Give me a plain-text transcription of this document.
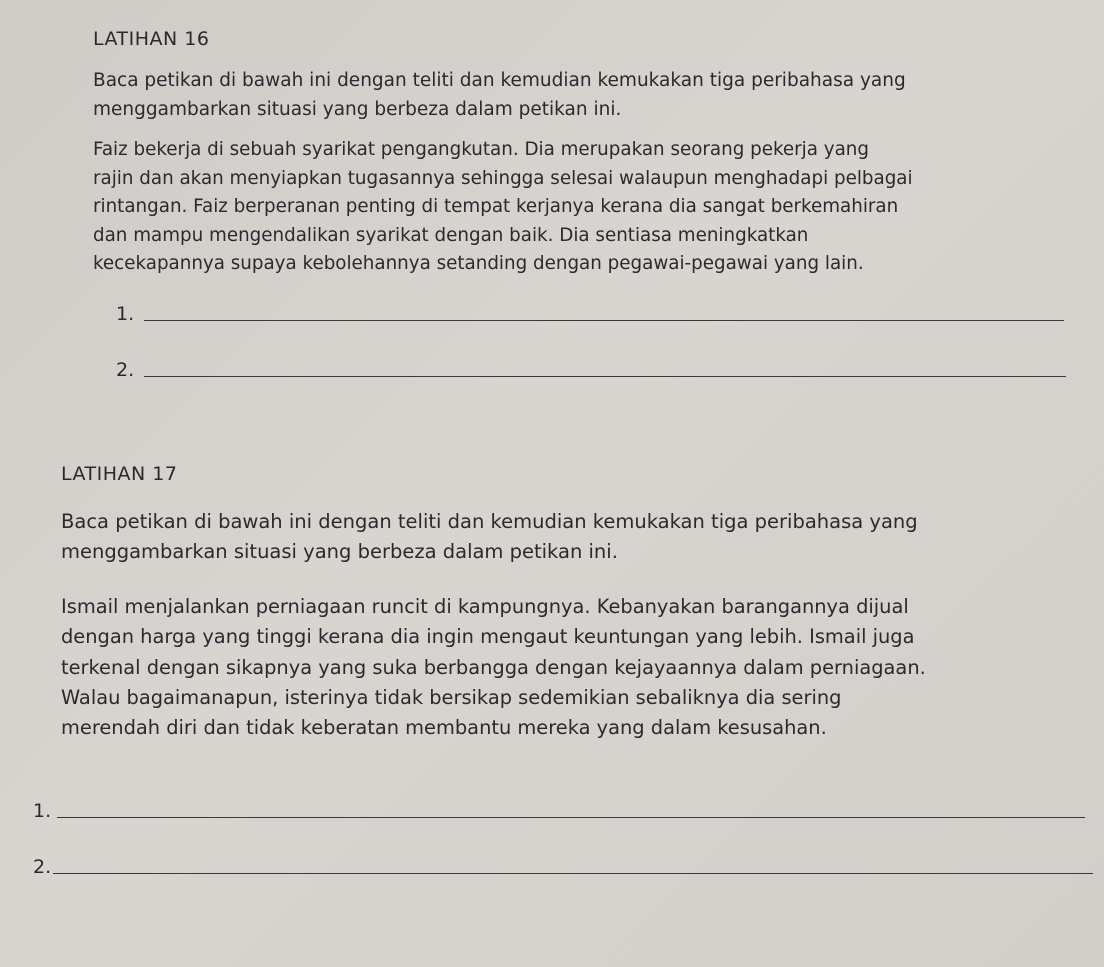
LATIHAN 16
Baca petikan di bawah ini dengan teliti dan kemudian kemukakan tiga peribahasa yang
menggambarkan situasi yang berbeza dalam petikan ini.
Faiz bekerja di sebuah syarikat pengangkutan. Dia merupakan seorang pekerja yang
rajin dan akan menyiapkan tugasannya sehingga selesai walaupun menghadapi pelbagai
rintangan. Faiz berperanan penting di tempat kerjanya kerana dia sangat berkemahiran
dan mampu mengendalikan syarikat dengan baik. Dia sentiasa meningkatkan
kecekapannya supaya kebolehannya setanding dengan pegawai-pegawai yang lain.
1.
2.
LATIHAN 17
Baca petikan di bawah ini dengan teliti dan kemudian kemukakan tiga peribahasa yang
menggambarkan situasi yang berbeza dalam petikan ini.
Ismail menjalankan perniagaan runcit di kampungnya. Kebanyakan barangannya dijual
dengan harga yang tinggi kerana dia ingin mengaut keuntungan yang lebih. Ismail juga
terkenal dengan sikapnya yang suka berbangga dengan kejayaannya dalam perniagaan.
Walau bagaimanapun, isterinya tidak bersikap sedemikian sebaliknya dia sering
merendah diri dan tidak keberatan membantu mereka yang dalam kesusahan.
1.
2.
